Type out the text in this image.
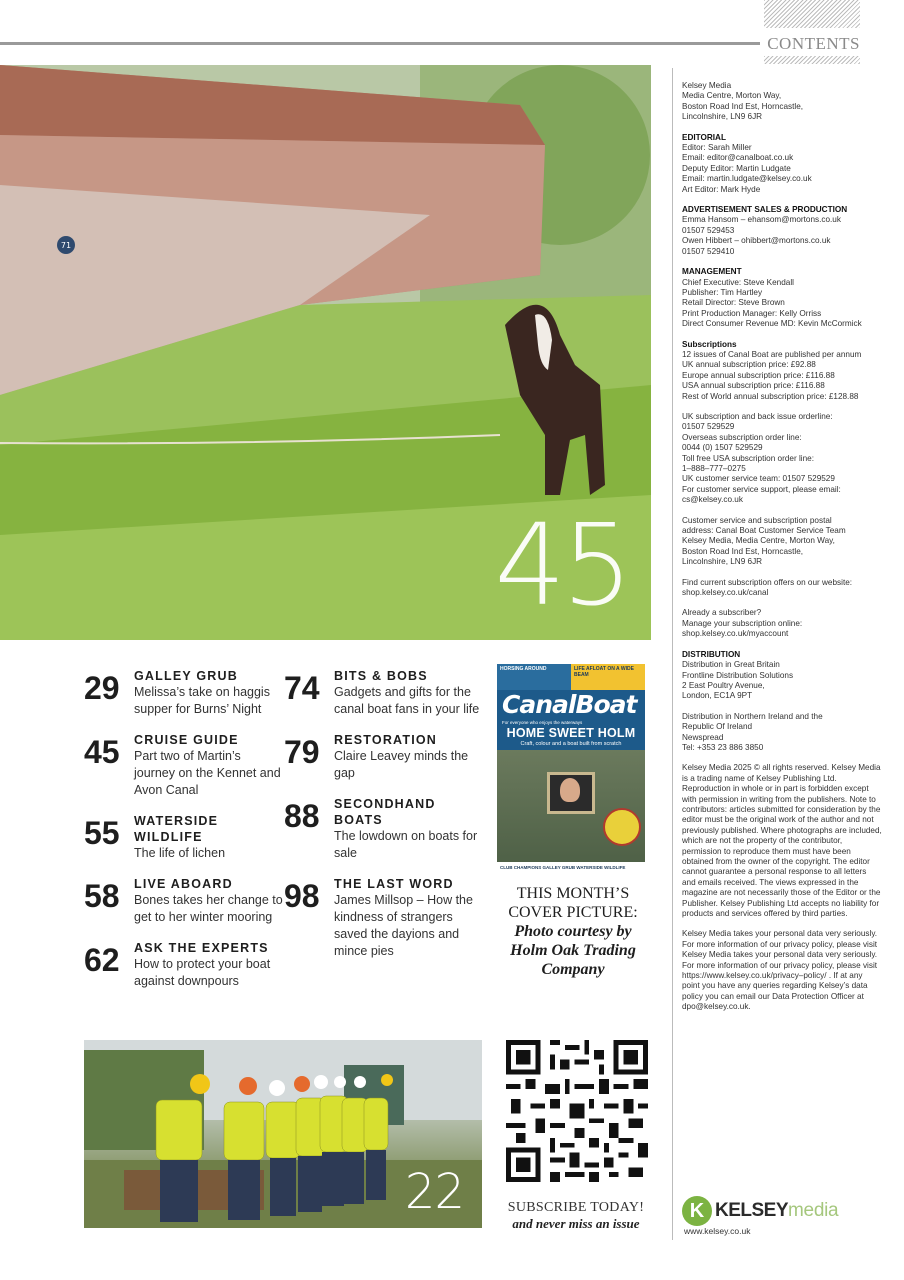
CONTENTS
71
45
29	GALLEY GRUB
Melissa’s take on haggis supper for Burns’ Night
45	CRUISE GUIDE
Part two of Martin’s journey on the Kennet and Avon Canal
55	WATERSIDE WILDLIFE
The life of lichen
58	LIVE ABOARD
Bones takes her change to get to her winter mooring
62	ASK THE EXPERTS
How to protect your boat against downpours
74	BITS & BOBS
Gadgets and gifts for the canal boat fans in your life
79	RESTORATION
Claire Leavey minds the gap
88	SECONDHAND BOATS
The lowdown on boats for sale
98	THE LAST WORD
James Millsop – How the kindness of strangers saved the dayions and mince pies
HORSING AROUND	LIFE AFLOAT ON A WIDE BEAM
CanalBoat
For everyone who enjoys the waterways
HOME SWEET HOLM
Craft, colour and a boat built from scratch
CLUB CHAMPIONS GALLEY GRUB WATERSIDE WILDLIFE
THIS MONTH’S COVER PICTURE:
Photo courtesy by Holm Oak Trading Company
22	SUBSCRIBE TODAY!
and never miss an issue
Kelsey Media
Media Centre, Morton Way,
Boston Road Ind Est, Horncastle,
Lincolnshire, LN9 6JR
EDITORIAL
Editor: Sarah Miller
Email: editor@canalboat.co.uk
Deputy Editor: Martin Ludgate
Email: martin.ludgate@kelsey.co.uk
Art Editor: Mark Hyde
ADVERTISEMENT SALES & PRODUCTION
Emma Hansom – ehansom@mortons.co.uk
01507 529453
Owen Hibbert – ohibbert@mortons.co.uk
01507 529410
MANAGEMENT
Chief Executive: Steve Kendall
Publisher: Tim Hartley
Retail Director: Steve Brown
Print Production Manager: Kelly Orriss
Direct Consumer Revenue MD: Kevin McCormick
Subscriptions
12 issues of Canal Boat are published per annum
UK annual subscription price: £92.88
Europe annual subscription price: £116.88
USA annual subscription price: £116.88
Rest of World annual subscription price: £128.88
UK subscription and back issue orderline:
01507 529529
Overseas subscription order line:
0044 (0) 1507 529529
Toll free USA subscription order line:
1–888–777–0275
UK customer service team: 01507 529529
For customer service support, please email:
cs@kelsey.co.uk
Customer service and subscription postal
address: Canal Boat Customer Service Team
Kelsey Media, Media Centre, Morton Way,
Boston Road Ind Est, Horncastle,
Lincolnshire, LN9 6JR
Find current subscription offers on our website:
shop.kelsey.co.uk/canal
Already a subscriber?
Manage your subscription online:
shop.kelsey.co.uk/myaccount
DISTRIBUTION
Distribution in Great Britain
Frontline Distribution Solutions
2 East Poultry Avenue,
London, EC1A 9PT
Distribution in Northern Ireland and the
Republic Of Ireland
Newspread
Tel: +353 23 886 3850
Kelsey Media 2025 © all rights reserved. Kelsey Media is a trading name of Kelsey Publishing Ltd. Reproduction in whole or in part is forbidden except with permission in writing from the publishers. Note to contributors: articles submitted for consideration by the editor must be the original work of the author and not previously published. Where photographs are included, which are not the property of the contributor, permission to reproduce them must have been obtained from the owner of the copyright. The editor cannot guarantee a personal response to all letters and emails received. The views expressed in the magazine are not necessarily those of the Editor or the Publisher. Kelsey Publishing Ltd accepts no liability for products and services offered by third parties.
Kelsey Media takes your personal data very seriously. For more information of our privacy policy, please visit Kelsey Media takes your personal data very seriously. For more information of our privacy policy, please visit https://www.kelsey.co.uk/privacy–policy/ . If at any point you have any queries regarding Kelsey’s data policy you can email our Data Protection Officer at dpo@kelsey.co.uk.
K KELSEY media
www.kelsey.co.uk
